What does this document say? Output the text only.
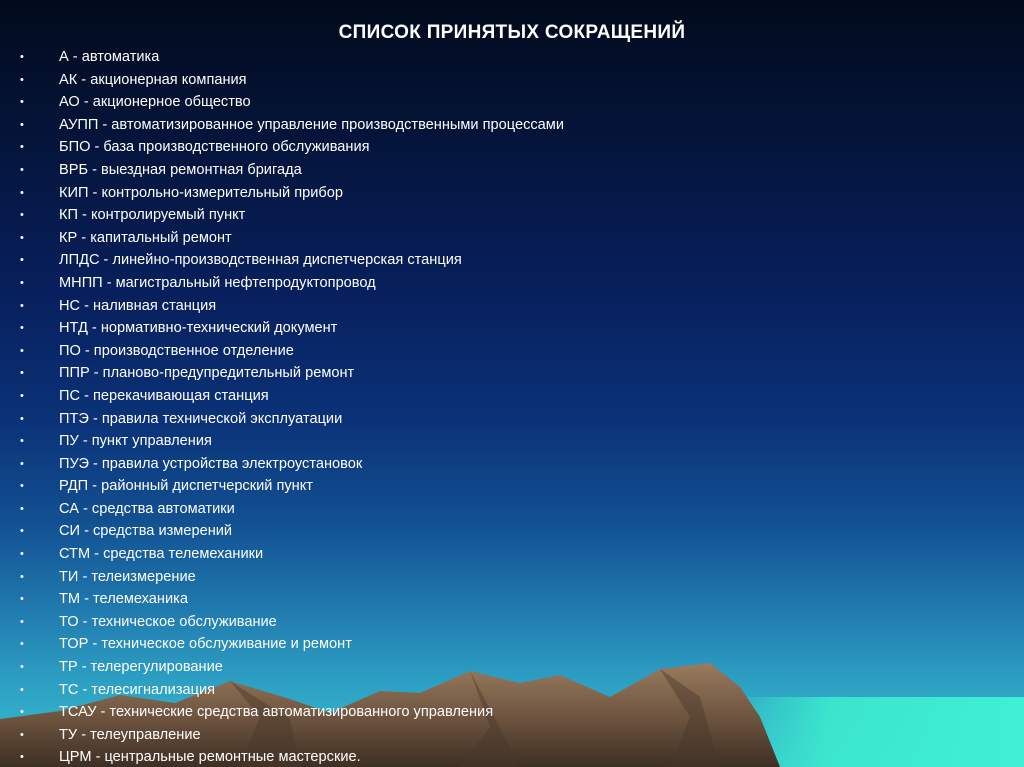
СПИСОК ПРИНЯТЫХ СОКРАЩЕНИЙ
• А - автоматика
• АК - акционерная компания
• АО - акционерное общество
• АУПП - автоматизированное управление производственными процессами
• БПО - база производственного обслуживания
• ВРБ - выездная ремонтная бригада
• КИП - контрольно-измерительный прибор
• КП - контролируемый пункт
• КР - капитальный ремонт
• ЛПДС - линейно-производственная диспетчерская станция
• МНПП - магистральный нефтепродуктопровод
• НС - наливная станция
• НТД - нормативно-технический документ
• ПО - производственное отделение
• ППР - планово-предупредительный ремонт
• ПС - перекачивающая станция
• ПТЭ - правила технической эксплуатации
• ПУ - пункт управления
• ПУЭ - правила устройства электроустановок
• РДП - районный диспетчерский пункт
• СА - средства автоматики
• СИ - средства измерений
• СТМ - средства телемеханики
• ТИ - телеизмерение
• ТМ - телемеханика
• ТО - техническое обслуживание
• ТОР - техническое обслуживание и ремонт
• ТР - телерегулирование
• ТС - телесигнализация
• ТСАУ - технические средства автоматизированного управления
• ТУ - телеуправление
• ЦРМ - центральные ремонтные мастерские.
